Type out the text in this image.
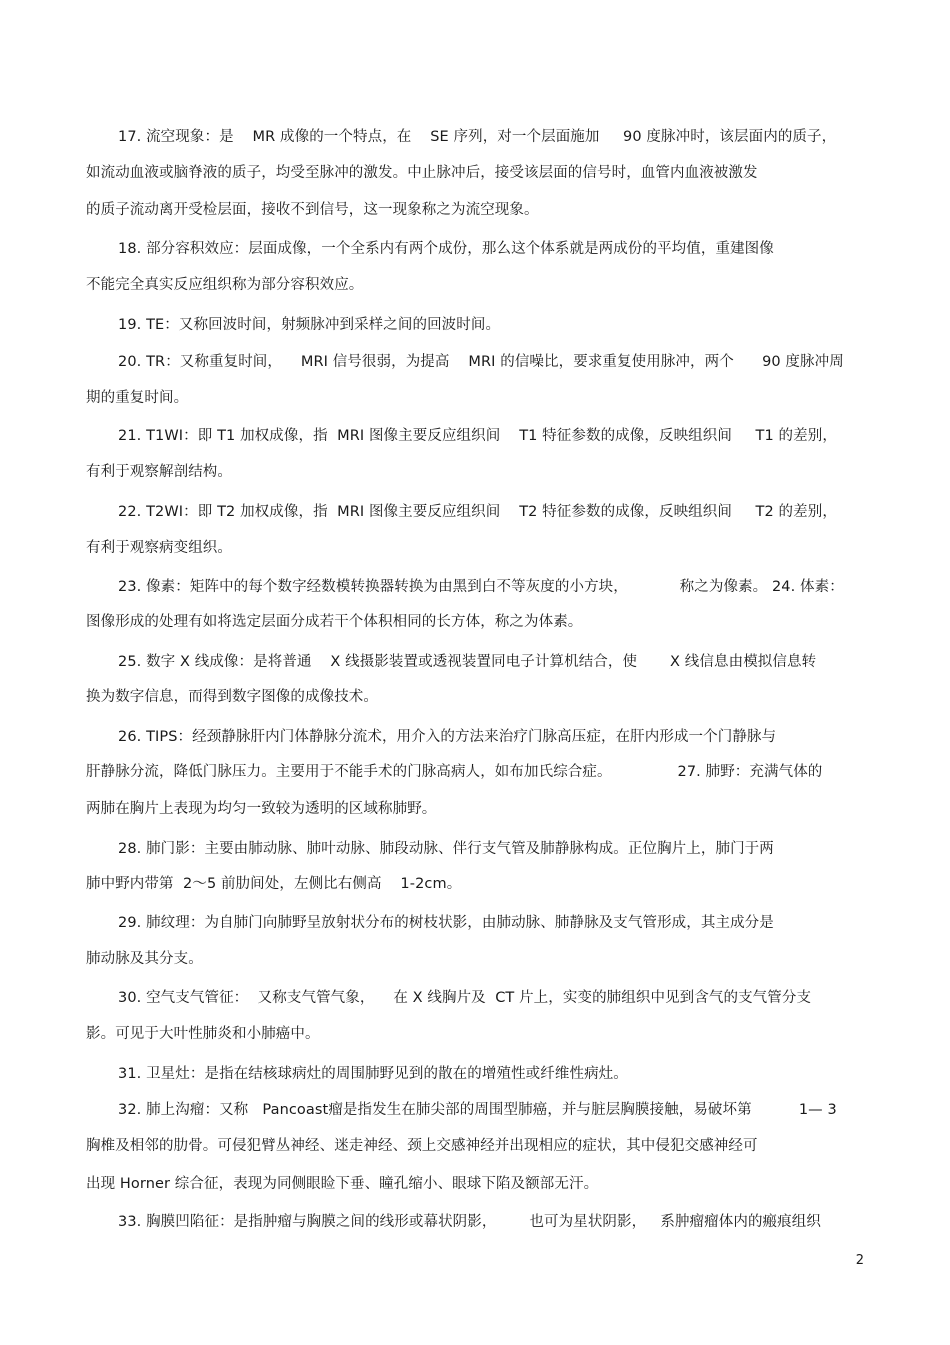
17. 流空现象：是    MR 成像的一个特点，在    SE 序列，对一个层面施加     90 度脉冲时，该层面内的质子，
如流动血液或脑脊液的质子，均受至脉冲的激发。中止脉冲后，接受该层面的信号时，血管内血液被激发
的质子流动离开受检层面，接收不到信号，这一现象称之为流空现象。
18. 部分容积效应：层面成像，一个全系内有两个成份，那么这个体系就是两成份的平均值，重建图像
不能完全真实反应组织称为部分容积效应。
19. TE：又称回波时间，射频脉冲到采样之间的回波时间。
20. TR：又称重复时间，    MRI 信号很弱，为提高    MRI 的信噪比，要求重复使用脉冲，两个      90 度脉冲周
期的重复时间。
21. T1WI：即 T1 加权成像，指  MRI 图像主要反应组织间    T1 特征参数的成像，反映组织间     T1 的差别，
有利于观察解剖结构。
22. T2WI：即 T2 加权成像，指  MRI 图像主要反应组织间    T2 特征参数的成像，反映组织间     T2 的差别，
有利于观察病变组织。
23. 像素：矩阵中的每个数字经数模转换器转换为由黑到白不等灰度的小方块，           称之为像素。 24. 体素：
图像形成的处理有如将选定层面分成若干个体积相同的长方体，称之为体素。
25. 数字 X 线成像：是将普通    X 线摄影装置或透视装置同电子计算机结合，使       X 线信息由模拟信息转
换为数字信息，而得到数字图像的成像技术。
26. TIPS：经颈静脉肝内门体静脉分流术，用介入的方法来治疗门脉高压症，在肝内形成一个门静脉与
肝静脉分流，降低门脉压力。主要用于不能手术的门脉高病人，如布加氏综合症。              27. 肺野：充满气体的
两肺在胸片上表现为均匀一致较为透明的区域称肺野。
28. 肺门影：主要由肺动脉、肺叶动脉、肺段动脉、伴行支气管及肺静脉构成。正位胸片上，肺门于两
肺中野内带第  2～5 前肋间处，左侧比右侧高    1-2cm。
29. 肺纹理：为自肺门向肺野呈放射状分布的树枝状影，由肺动脉、肺静脉及支气管形成，其主成分是
肺动脉及其分支。
30. 空气支气管征：  又称支气管气象，    在 X 线胸片及  CT 片上，实变的肺组织中见到含气的支气管分支
影。可见于大叶性肺炎和小肺癌中。
31. 卫星灶：是指在结核球病灶的周围肺野见到的散在的增殖性或纤维性病灶。
32. 肺上沟瘤：又称   Pancoast瘤是指发生在肺尖部的周围型肺癌，并与脏层胸膜接触，易破坏第          1— 3
胸椎及相邻的肋骨。可侵犯臂丛神经、迷走神经、颈上交感神经并出现相应的症状，其中侵犯交感神经可
出现 Horner 综合征，表现为同侧眼睑下垂、瞳孔缩小、眼球下陷及额部无汗。
33. 胸膜凹陷征：是指肿瘤与胸膜之间的线形或幕状阴影，       也可为星状阴影，   系肿瘤瘤体内的瘢痕组织
2
